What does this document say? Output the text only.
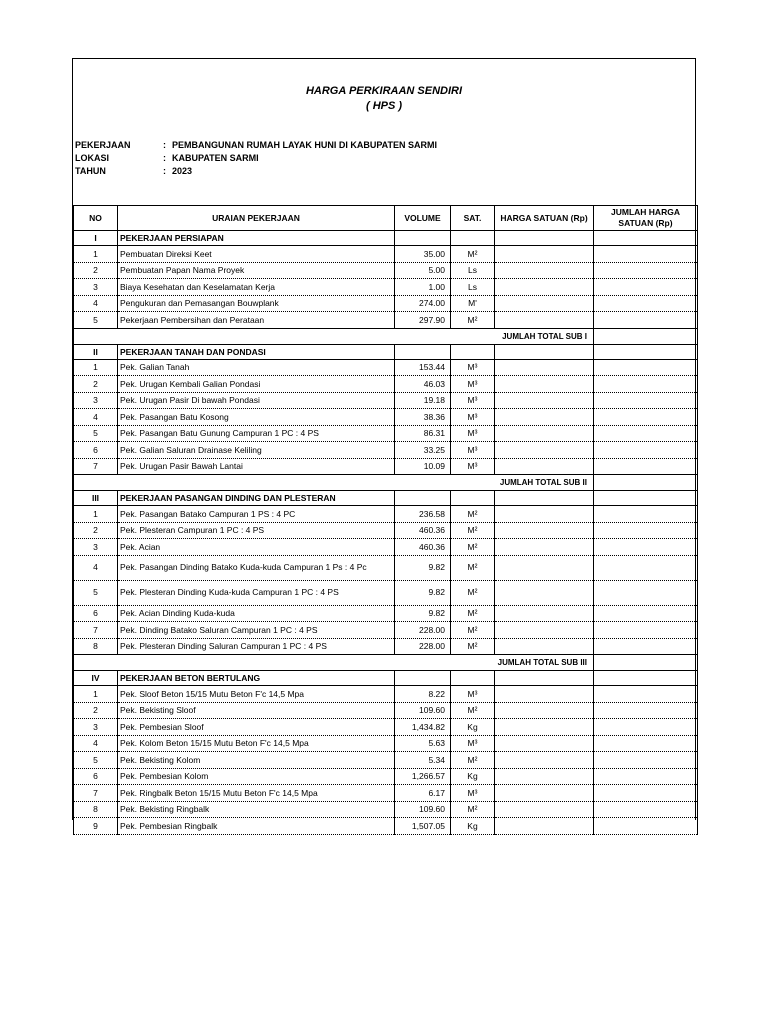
HARGA PERKIRAAN SENDIRI
( HPS )
PEKERJAAN	: PEMBANGUNAN RUMAH LAYAK HUNI DI KABUPATEN SARMI
LOKASI	: KABUPATEN SARMI
TAHUN	: 2023
NO	URAIAN PEKERJAAN	VOLUME	SAT.	HARGA SATUAN (Rp)	JUMLAH HARGA SATUAN (Rp)
I	PEKERJAAN PERSIAPAN				
1	Pembuatan Direksi Keet	35.00	M²		
2	Pembuatan Papan Nama Proyek	5.00	Ls		
3	Biaya Kesehatan dan Keselamatan Kerja	1.00	Ls		
4	Pengukuran dan Pemasangan Bouwplank	274.00	M'		
5	Pekerjaan Pembersihan dan Perataan	297.90	M²		
JUMLAH TOTAL SUB I					
II	PEKERJAAN TANAH DAN PONDASI				
1	Pek. Galian Tanah	153.44	M³		
2	Pek. Urugan Kembali Galian Pondasi	46.03	M³		
3	Pek. Urugan Pasir Di bawah Pondasi	19.18	M³		
4	Pek. Pasangan Batu Kosong	38.36	M³		
5	Pek. Pasangan Batu Gunung Campuran 1 PC : 4 PS	86.31	M³		
6	Pek. Galian Saluran Drainase Keliling	33.25	M³		
7	Pek. Urugan Pasir Bawah Lantai	10.09	M³		
JUMLAH TOTAL SUB II					
III	PEKERJAAN PASANGAN DINDING DAN PLESTERAN				
1	Pek. Pasangan Batako Campuran 1 PS : 4 PC	236.58	M²		
2	Pek. Plesteran Campuran 1 PC : 4 PS	460.36	M²		
3	Pek. Acian	460.36	M²		
4	Pek. Pasangan Dinding Batako Kuda-kuda Campuran 1 Ps : 4 Pc	9.82	M²		
5	Pek. Plesteran Dinding Kuda-kuda Campuran 1 PC : 4 PS	9.82	M²		
6	Pek. Acian Dinding Kuda-kuda	9.82	M²		
7	Pek. Dinding Batako Saluran Campuran 1 PC : 4 PS	228.00	M²		
8	Pek. Plesteran Dinding Saluran Campuran 1 PC : 4 PS	228.00	M²		
JUMLAH TOTAL SUB III					
IV	PEKERJAAN BETON BERTULANG				
1	Pek. Sloof Beton 15/15 Mutu Beton F'c 14,5 Mpa	8.22	M³		
2	Pek. Bekisting Sloof	109.60	M²		
3	Pek. Pembesian Sloof	1,434.82	Kg		
4	Pek. Kolom Beton 15/15 Mutu Beton F'c 14,5 Mpa	5.63	M³		
5	Pek. Bekisting Kolom	5.34	M²		
6	Pek. Pembesian Kolom	1,266.57	Kg		
7	Pek. Ringbalk Beton 15/15 Mutu Beton F'c 14,5 Mpa	6.17	M³		
8	Pek. Bekisting Ringbalk	109.60	M²		
9	Pek. Pembesian Ringbalk	1,507.05	Kg		
